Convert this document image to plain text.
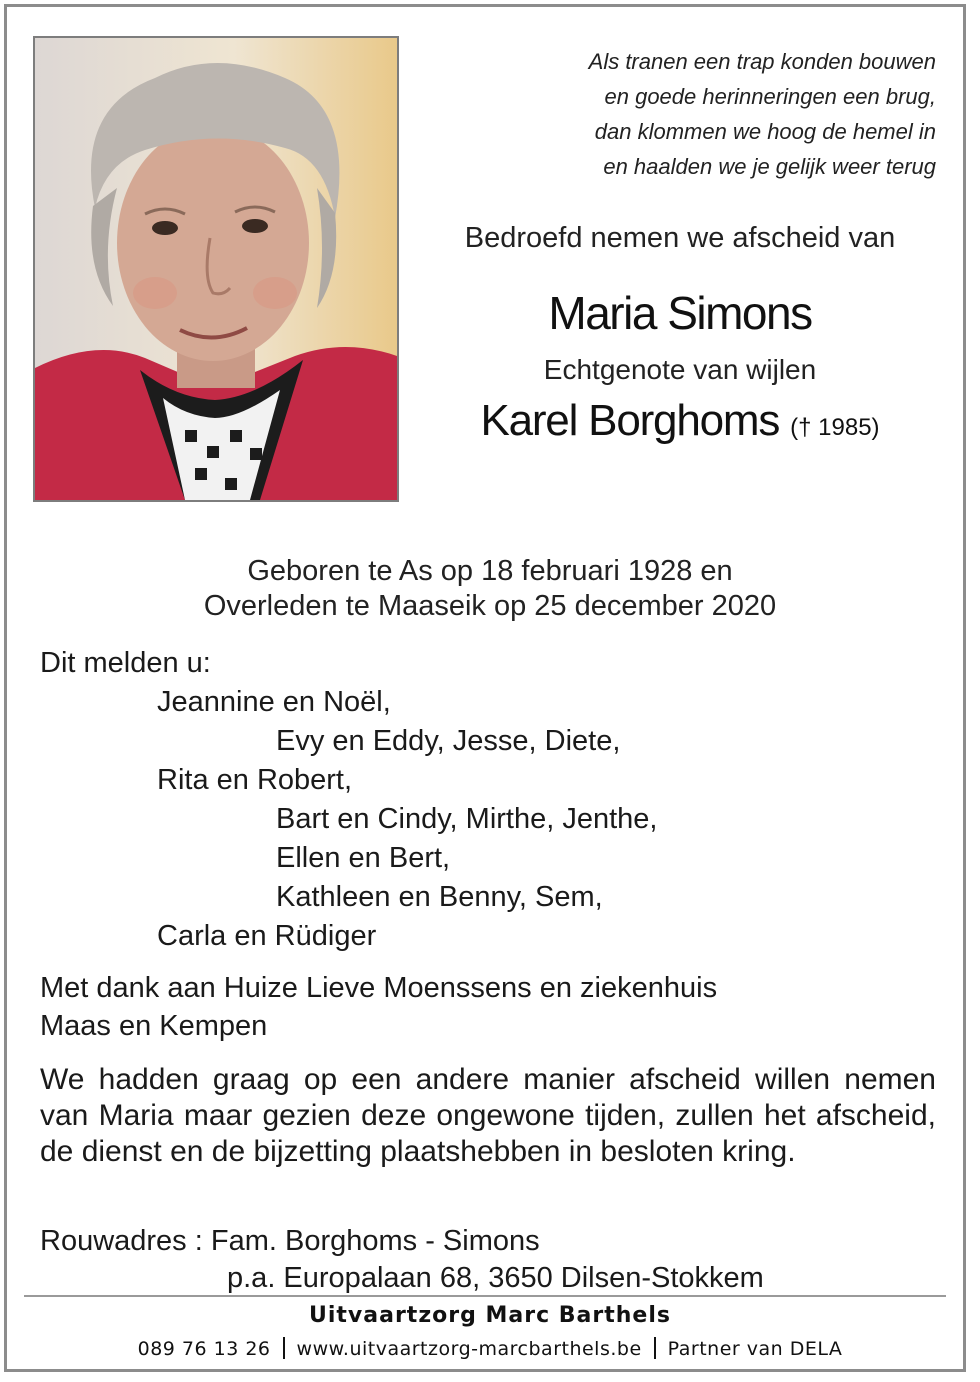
Als tranen een trap konden bouwen
en goede herinneringen een brug,
dan klommen we hoog de hemel in
en haalden we je gelijk weer terug
Bedroefd nemen we afscheid van
Maria Simons
Echtgenote van wijlen
Karel Borghoms († 1985)
Geboren te As op 18 februari 1928 en
Overleden te Maaseik op 25 december 2020
Dit melden u:
Jeannine en Noël,
Evy en Eddy, Jesse, Diete,
Rita en Robert,
Bart en Cindy, Mirthe, Jenthe,
Ellen en Bert,
Kathleen en Benny, Sem,
Carla en Rüdiger
Met dank aan Huize Lieve Moenssens en ziekenhuis
Maas en Kempen
We hadden graag op een andere manier afscheid willen nemen van Maria maar gezien deze ongewone tijden, zullen het afscheid, de dienst en de bijzetting plaatshebben in besloten kring.
Rouwadres : Fam. Borghoms - Simons
p.a. Europalaan 68, 3650 Dilsen-Stokkem
Uitvaartzorg Marc Barthels
089 76 13 26 www.uitvaartzorg-marcbarthels.be Partner van DELA
